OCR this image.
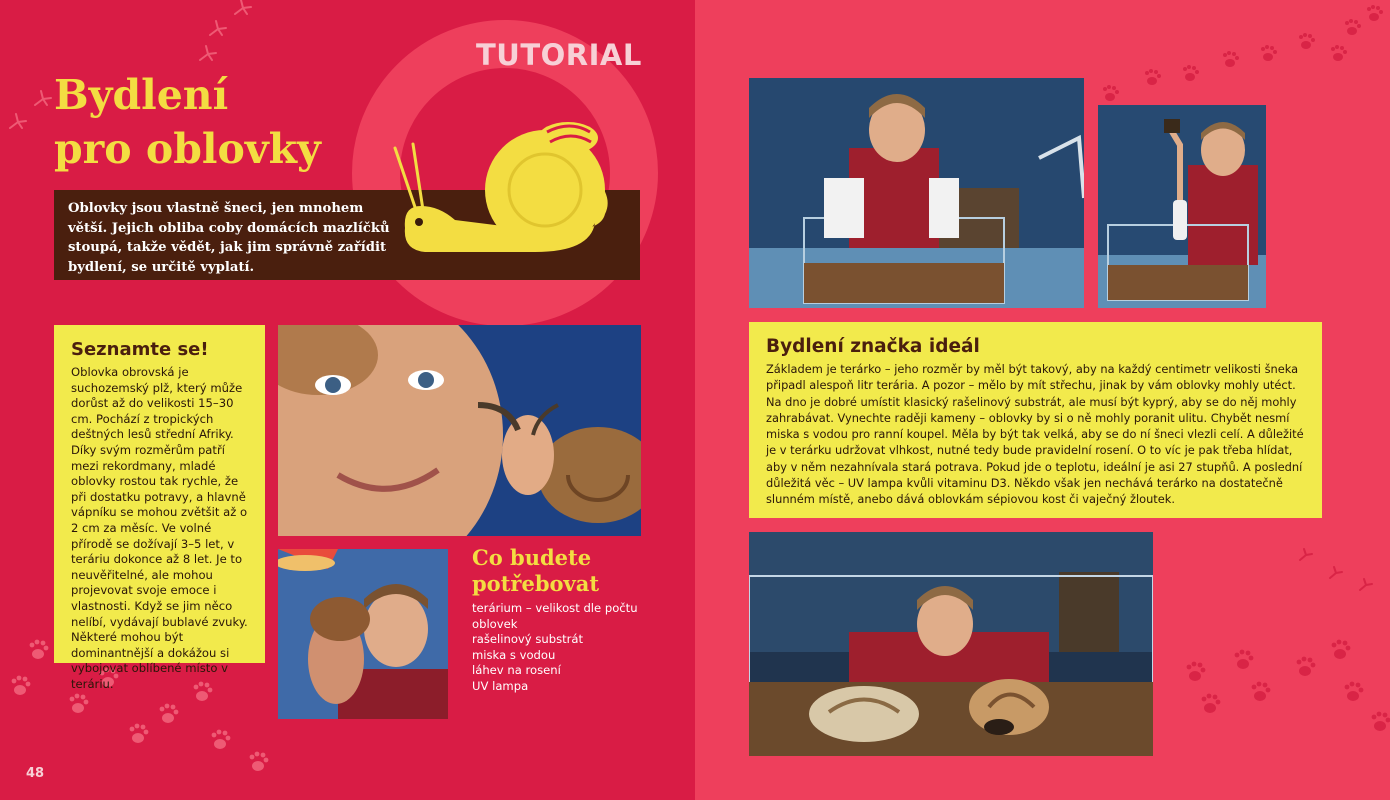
TUTORIAL
Bydlení
pro oblovky

Oblovky jsou vlastně šneci, jen mnohem větší. Jejich obliba coby domácích mazlíčků stoupá, takže vědět, jak jim správně zařídit bydlení, se určitě vyplatí.

Seznamte se!

Oblovka obrovská je suchozemský plž, který může dorůst až do velikosti 15–30 cm. Pochází z tropických deštných lesů střední Afriky. Díky svým rozměrům patří mezi rekordmany, mladé oblovky rostou tak rychle, že při dostatku potravy, a hlavně vápníku se mohou zvětšit až o 2 cm za měsíc. Ve volné přírodě se dožívají 3–5 let, v teráriu dokonce až 8 let. Je to neuvěřitelné, ale mohou projevovat svoje emoce i vlastnosti. Když se jim něco nelíbí, vydávají bublavé zvuky. Některé mohou být dominantnější a dokážou si vybojovat oblíbené místo v teráriu.

Co budete
potřebovat
terárium – velikost dle počtu
oblovek
rašelinový substrát
miska s vodou
láhev na rosení
UV lampa
48
Bydlení značka ideál

Základem je terárko – jeho rozměr by měl být takový, aby na každý centimetr velikosti šneka připadl alespoň litr terária. A pozor – mělo by mít střechu, jinak by vám oblovky mohly utéct. Na dno je dobré umístit klasický rašelinový substrát, ale musí být kyprý, aby se do něj mohly zahrabávat. Vynechte raději kameny – oblovky by si o ně mohly poranit ulitu. Chybět nesmí miska s vodou pro ranní koupel. Měla by být tak velká, aby se do ní šneci vlezli celí. A důležité je v terárku udržovat vlhkost, nutné tedy bude pravidelní rosení. O to víc je pak třeba hlídat, aby v něm nezahnívala stará potrava. Pokud jde o teplotu, ideální je asi 27 stupňů. A poslední důležitá věc – UV lampa kvůli vitaminu D3. Někdo však jen nechává terárko na dostatečně slunném místě, anebo dává oblovkám sépiovou kost či vaječný žloutek.
